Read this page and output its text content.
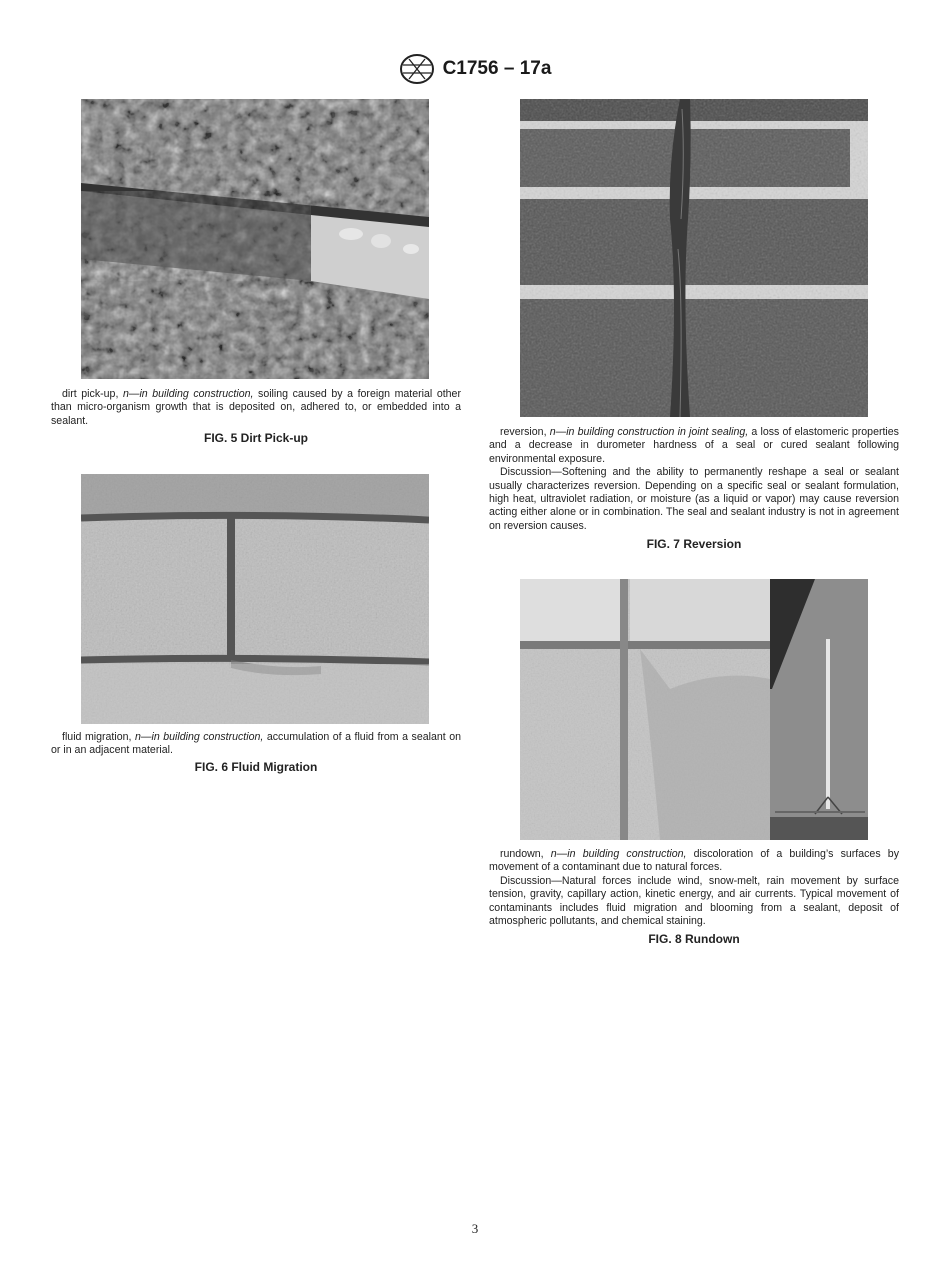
C1756 – 17a

dirt pick-up, n—in building construction, soiling caused by a foreign material other than micro-organism growth that is deposited on, adhered to, or embedded into a sealant.

FIG. 5 Dirt Pick-up

fluid migration, n—in building construction, accumulation of a fluid from a sealant on or in an adjacent material.

FIG. 6 Fluid Migration

reversion, n—in building construction in joint sealing, a loss of elastomeric properties and a decrease in durometer hardness of a seal or cured sealant following environmental exposure.

Discussion—Softening and the ability to permanently reshape a seal or sealant usually characterizes reversion. Depending on a specific seal or sealant formulation, high heat, ultraviolet radiation, or moisture (as a liquid or vapor) may cause reversion acting either alone or in combination. The seal and sealant industry is not in agreement on reversion causes.

FIG. 7 Reversion

rundown, n—in building construction, discoloration of a building’s surfaces by movement of a contaminant due to natural forces.

Discussion—Natural forces include wind, snow-melt, rain movement by surface tension, gravity, capillary action, kinetic energy, and air currents. Typical movement of contaminants includes fluid migration and blooming from a sealant, deposit of atmospheric pollutants, and chemical staining.

FIG. 8 Rundown
3
